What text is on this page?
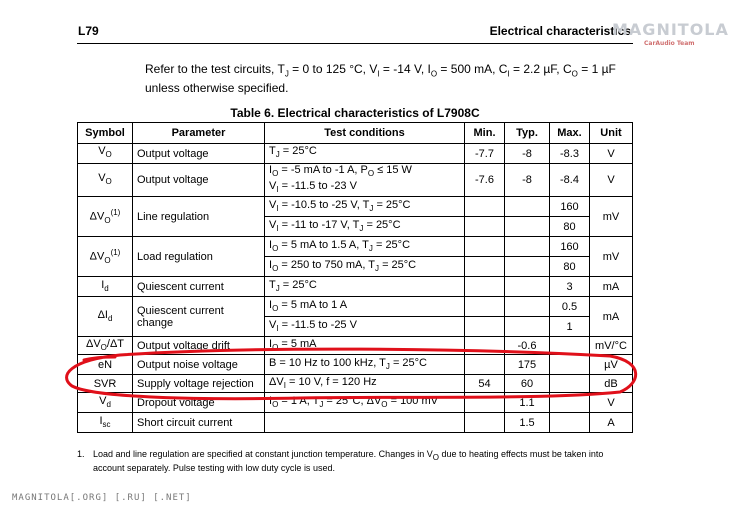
L79	Electrical characteristics
MAGNITOLA
CarAudio Team
Refer to the test circuits, $T_J = 0$ to 125 °C, $V_I = -14$ V, $I_O = 500$ mA, $C_I = 2.2$ µF, $C_O = 1$ µF
unless otherwise specified.
Table 6. Electrical characteristics of L7908C
Symbol	Parameter	Test conditions	Min.	Typ.	Max.	Unit
$V_O$	Output voltage	$T_J = 25^\circ C$	-7.7	-8	-8.3	V
$V_O$	Output voltage	$I_O = -5$ mA to -1 A, $P_O \le 15$ W
$V_I = -11.5$ to -23 V	-7.6	-8	-8.4	V
$\Delta V_O^{(1)}$	Line regulation	$V_I = -10.5$ to -25 V, $T_J = 25^\circ C$			160	mV
		$V_I = -11$ to -17 V, $T_J = 25^\circ C$			80	
$\Delta V_O^{(1)}$	Load regulation	$I_O = 5$ mA to 1.5 A, $T_J = 25^\circ C$			160	mV
		$I_O = 250$ to 750 mA, $T_J = 25^\circ C$			80	
$I_d$	Quiescent current	$T_J = 25^\circ C$			3	mA
$\Delta I_d$	Quiescent current change	$I_O = 5$ mA to 1 A			0.5	mA
		$V_I = -11.5$ to -25 V			1	
$\Delta V_O/\Delta T$	Output voltage drift	$I_O = 5$ mA		-0.6		mV/°C
eN	Output noise voltage	B = 10 Hz to 100 kHz, $T_J = 25^\circ C$		175		µV
SVR	Supply voltage rejection	$\Delta V_I = 10$ V, f = 120 Hz	54	60		dB
$V_d$	Dropout voltage	$I_O = 1$ A, $T_J = 25^\circ C$, $\Delta V_O = 100$ mV		1.1		V
$I_{sc}$	Short circuit current			1.5		A
1. Load and line regulation are specified at constant junction temperature. Changes in $V_O$ due to heating effects must be taken into account separately. Pulse testing with low duty cycle is used.
MAGNITOLA[.ORG] [.RU] [.NET]
